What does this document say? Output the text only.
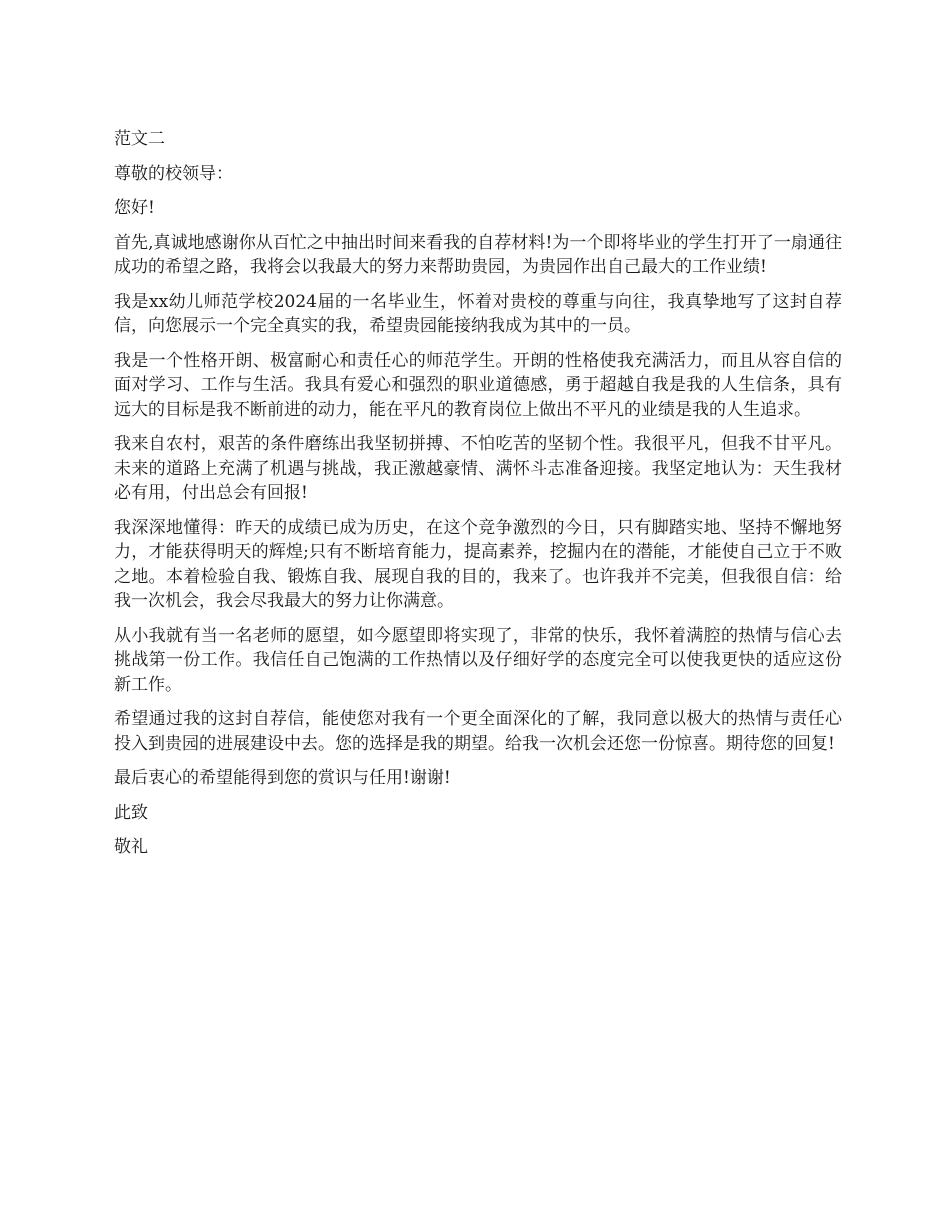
范文二

尊敬的校领导：

您好!

首先,真诚地感谢你从百忙之中抽出时间来看我的自荐材料!为一个即将毕业的学生打开了一扇通往成功的希望之路，我将会以我最大的努力来帮助贵园，为贵园作出自己最大的工作业绩!

我是xx幼儿师范学校2024届的一名毕业生，怀着对贵校的尊重与向往，我真挚地写了这封自荐信，向您展示一个完全真实的我，希望贵园能接纳我成为其中的一员。

我是一个性格开朗、极富耐心和责任心的师范学生。开朗的性格使我充满活力，而且从容自信的面对学习、工作与生活。我具有爱心和强烈的职业道德感，勇于超越自我是我的人生信条，具有远大的目标是我不断前进的动力，能在平凡的教育岗位上做出不平凡的业绩是我的人生追求。

我来自农村，艰苦的条件磨练出我坚韧拼搏、不怕吃苦的坚韧个性。我很平凡，但我不甘平凡。未来的道路上充满了机遇与挑战，我正激越豪情、满怀斗志准备迎接。我坚定地认为：天生我材必有用，付出总会有回报!

我深深地懂得：昨天的成绩已成为历史，在这个竞争激烈的今日，只有脚踏实地、坚持不懈地努力，才能获得明天的辉煌;只有不断培育能力，提高素养，挖掘内在的潜能，才能使自己立于不败之地。本着检验自我、锻炼自我、展现自我的目的，我来了。也许我并不完美，但我很自信：给我一次机会，我会尽我最大的努力让你满意。

从小我就有当一名老师的愿望，如今愿望即将实现了，非常的快乐，我怀着满腔的热情与信心去挑战第一份工作。我信任自己饱满的工作热情以及仔细好学的态度完全可以使我更快的适应这份新工作。

希望通过我的这封自荐信，能使您对我有一个更全面深化的了解，我同意以极大的热情与责任心投入到贵园的进展建设中去。您的选择是我的期望。给我一次机会还您一份惊喜。期待您的回复!

最后衷心的希望能得到您的赏识与任用!谢谢!

此致

敬礼
